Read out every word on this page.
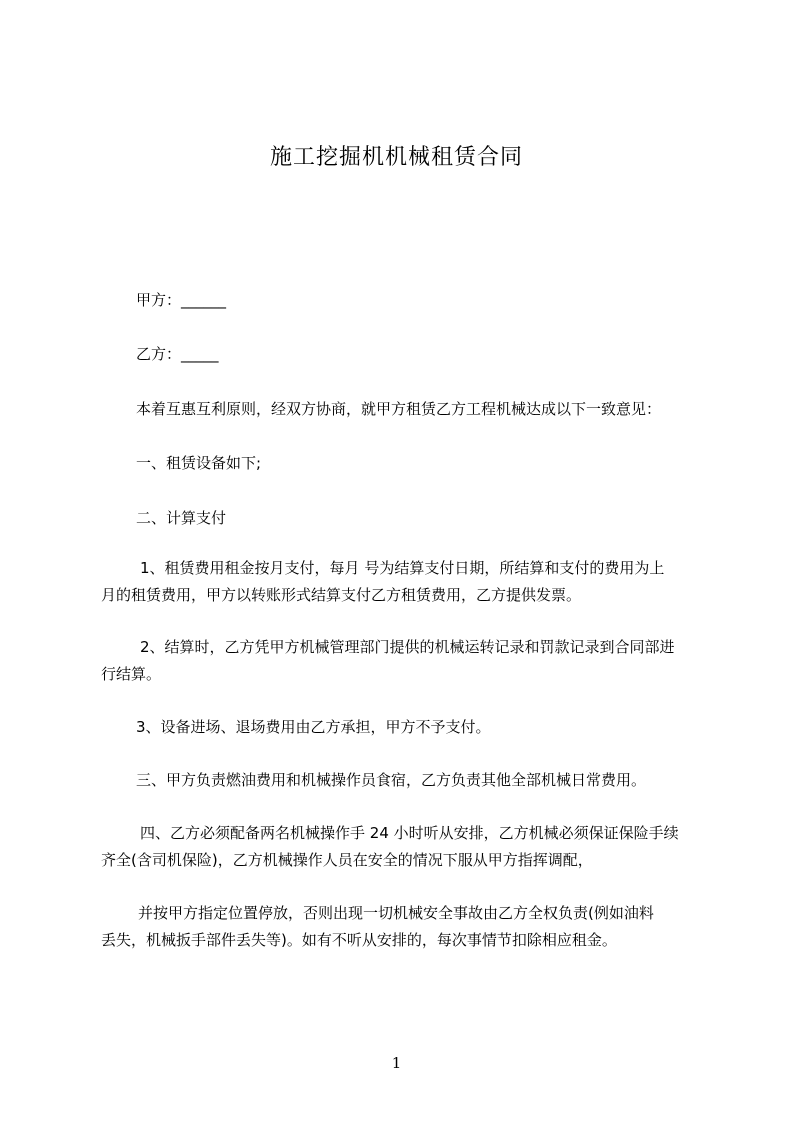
施工挖掘机机械租赁合同
甲方：______
乙方：_____
本着互惠互利原则，经双方协商，就甲方租赁乙方工程机械达成以下一致意见：
一、租赁设备如下;
二、计算支付
1、租赁费用租金按月支付，每月 号为结算支付日期，所结算和支付的费用为上
月的租赁费用，甲方以转账形式结算支付乙方租赁费用，乙方提供发票。
2、结算时，乙方凭甲方机械管理部门提供的机械运转记录和罚款记录到合同部进
行结算。
3、设备进场、退场费用由乙方承担，甲方不予支付。
三、甲方负责燃油费用和机械操作员食宿，乙方负责其他全部机械日常费用。
四、乙方必须配备两名机械操作手 24 小时听从安排，乙方机械必须保证保险手续
齐全(含司机保险)，乙方机械操作人员在安全的情况下服从甲方指挥调配，
并按甲方指定位置停放，否则出现一切机械安全事故由乙方全权负责(例如油料
丢失，机械扳手部件丢失等)。如有不听从安排的，每次事情节扣除相应租金。
1
